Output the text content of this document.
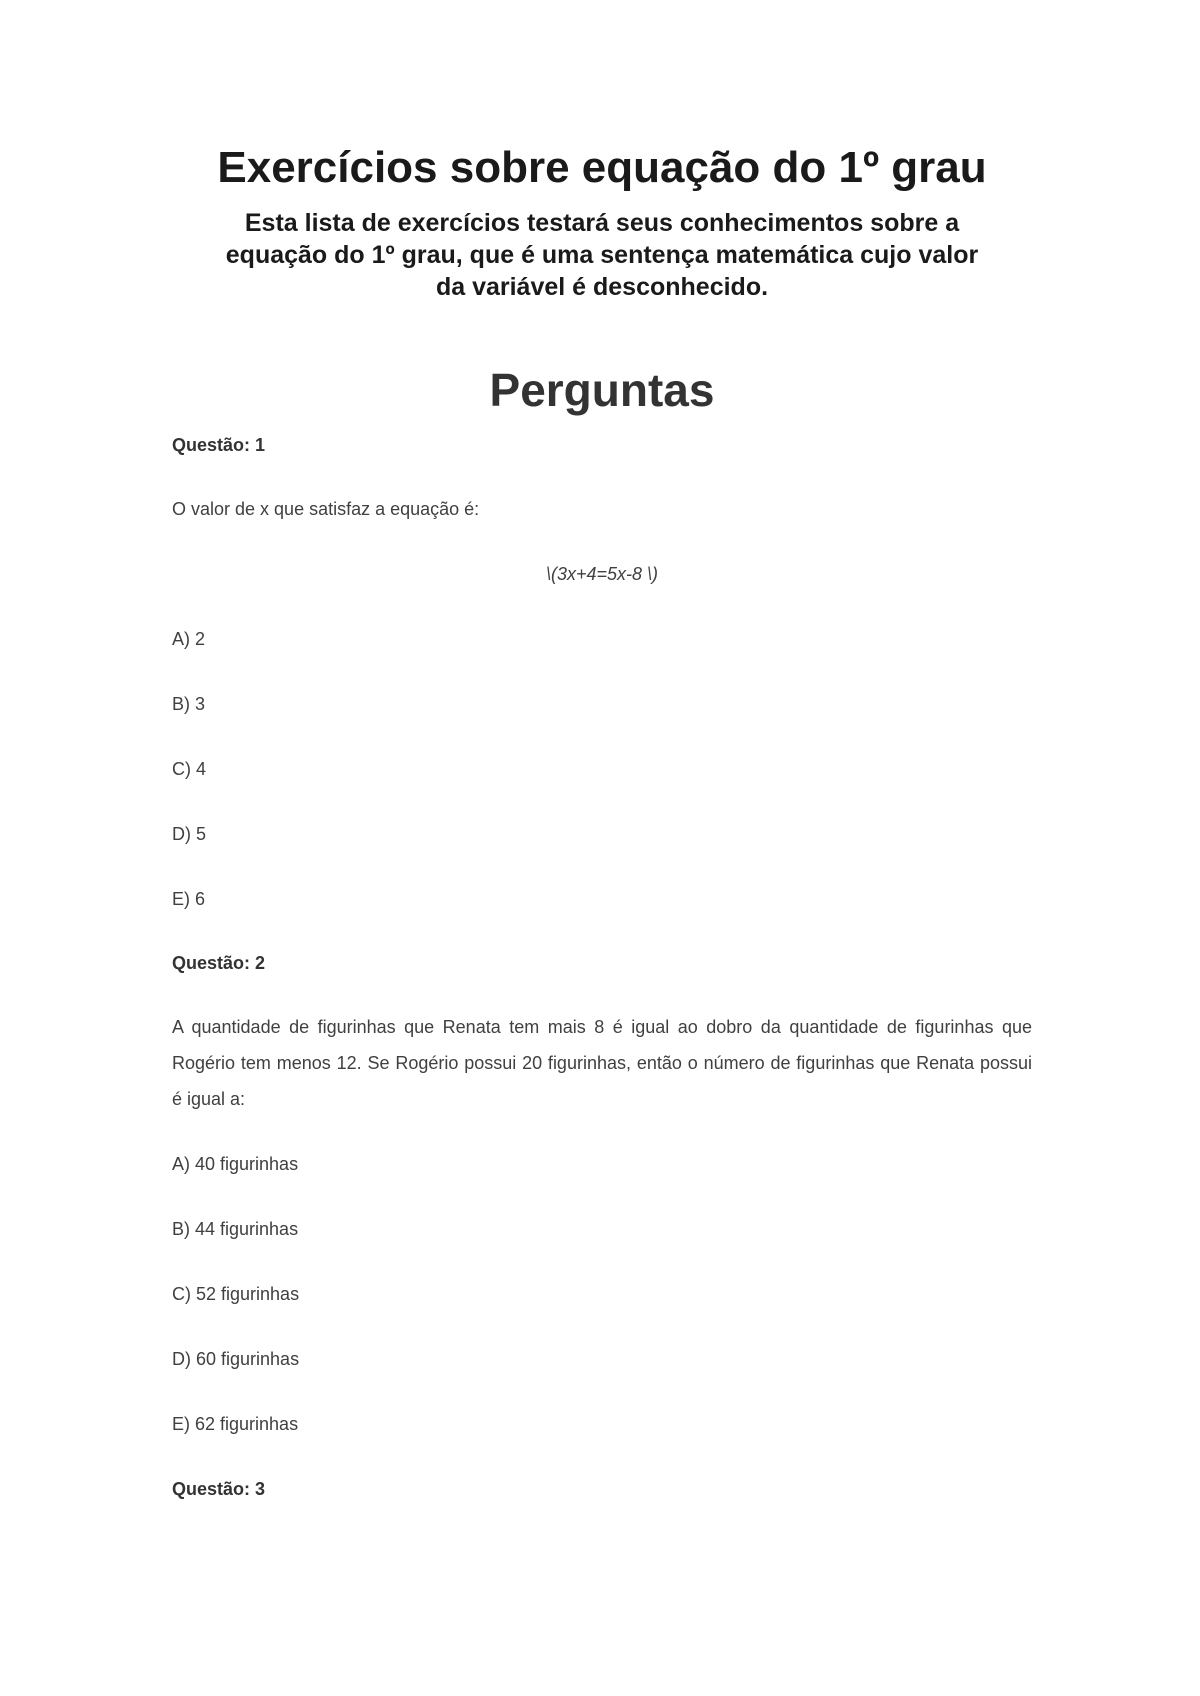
Exercícios sobre equação do 1º grau

Esta lista de exercícios testará seus conhecimentos sobre a equação do 1º grau, que é uma sentença matemática cujo valor da variável é desconhecido.

Perguntas

Questão: 1

O valor de x que satisfaz a equação é:

\(3x+4=5x-8 \)

A) 2

B) 3

C) 4

D) 5

E) 6

Questão: 2

A quantidade de figurinhas que Renata tem mais 8 é igual ao dobro da quantidade de figurinhas que Rogério tem menos 12. Se Rogério possui 20 figurinhas, então o número de figurinhas que Renata possui é igual a:

A) 40 figurinhas

B) 44 figurinhas

C) 52 figurinhas

D) 60 figurinhas

E) 62 figurinhas

Questão: 3
